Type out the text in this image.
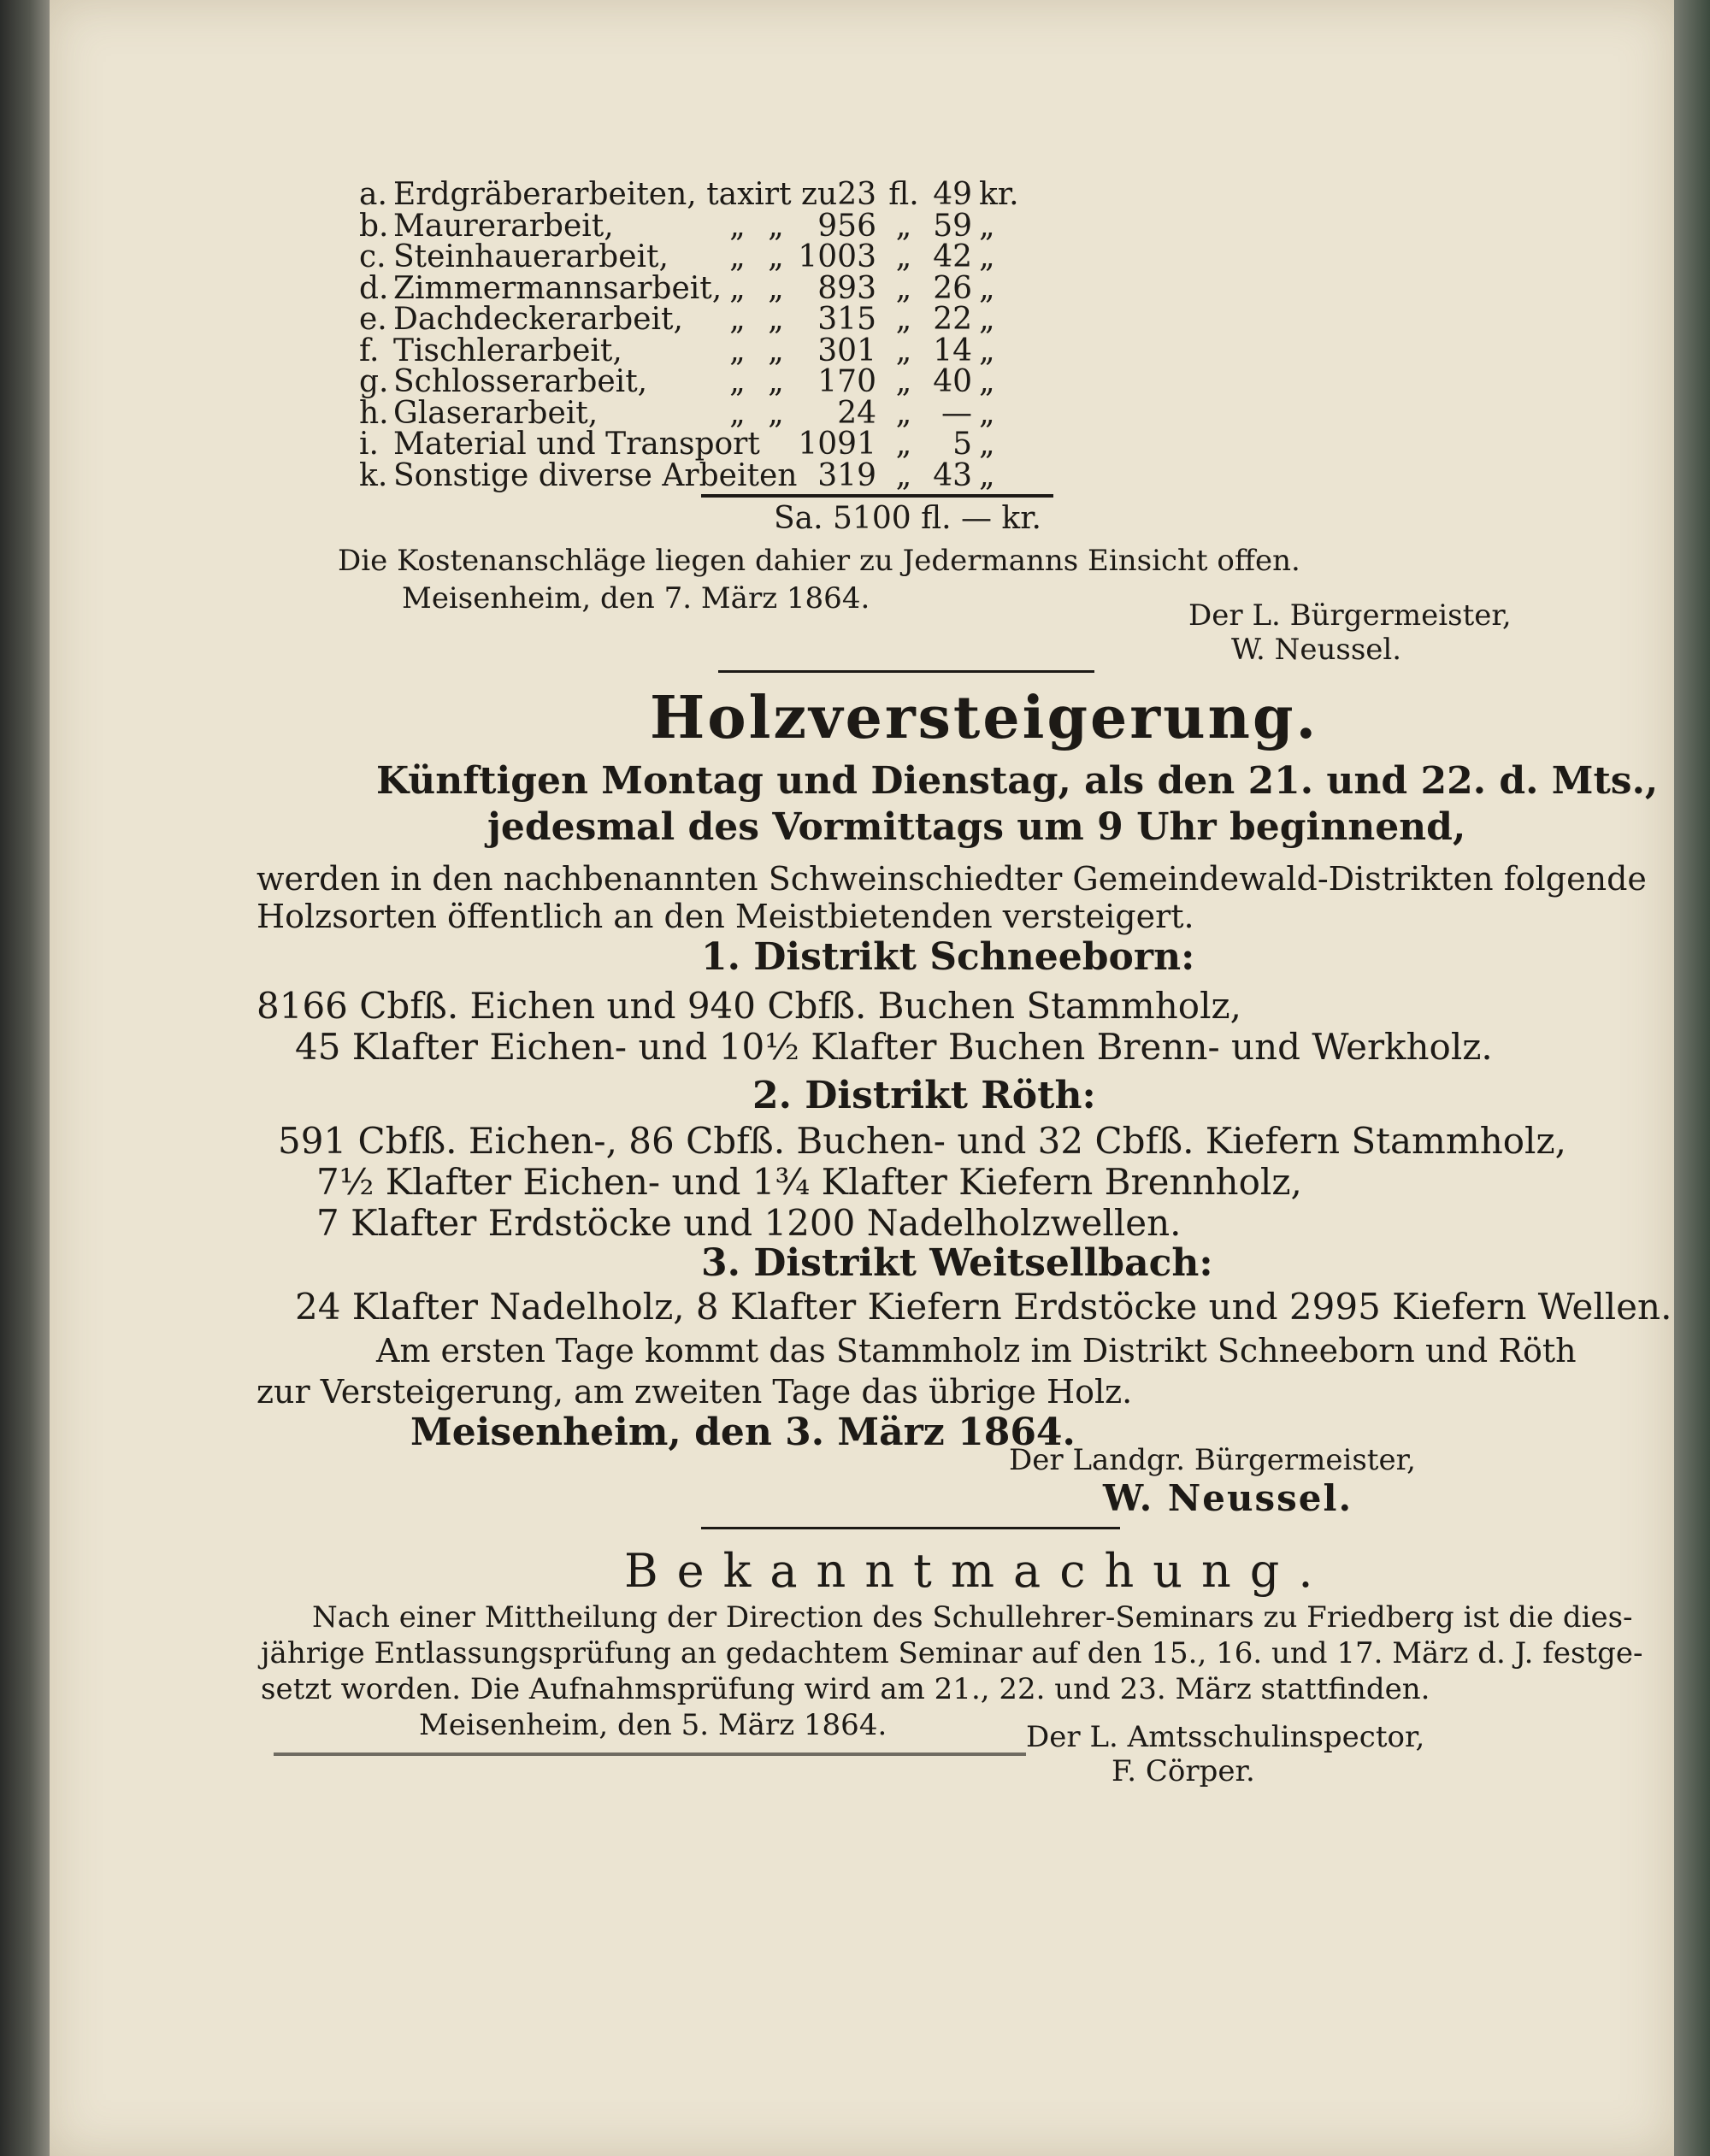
a. Erdgräberarbeiten, taxirt zu 23 fl. 49 kr.
b. Maurerarbeit,	„ „	956 „ 59 „
c. Steinhauerarbeit,	„ „ 1003 „ 42 „
d. Zimmermannsarbeit, „ „	893 „ 26 „
e. Dachdeckerarbeit,	„ „	315 „ 22 „
f. Tischlerarbeit,	„ „	301 „ 14 „
g. Schlosserarbeit,	„ „	170 „ 40 „
h. Glaserarbeit,	„ „	24 „ — „
i. Material und Transport 1091 „	5 „
k. Sonstige diverse Arbeiten 319 „ 43 „
Sa. 5100 fl. — kr.
Die Kostenanschläge liegen dahier zu Jedermanns Einsicht offen.
Meisenheim, den 7. März 1864.	Der L. Bürgermeister,
W. Neussel.
Holzversteigerung.
Künftigen Montag und Dienstag, als den 21. und 22. d. Mts.,
jedesmal des Vormittags um 9 Uhr beginnend,
werden in den nachbenannten Schweinschiedter Gemeindewald-Distrikten folgende
Holzsorten öffentlich an den Meistbietenden versteigert.
1. Distrikt Schneeborn:
8166 Cbfß. Eichen und 940 Cbfß. Buchen Stammholz,
45 Klafter Eichen- und 10½ Klafter Buchen Brenn- und Werkholz.
2. Distrikt Röth:
591 Cbfß. Eichen-, 86 Cbfß. Buchen- und 32 Cbfß. Kiefern Stammholz,
7½ Klafter Eichen- und 1¾ Klafter Kiefern Brennholz,
7 Klafter Erdstöcke und 1200 Nadelholzwellen.
3. Distrikt Weitsellbach:
24 Klafter Nadelholz, 8 Klafter Kiefern Erdstöcke und 2995 Kiefern Wellen.
Am ersten Tage kommt das Stammholz im Distrikt Schneeborn und Röth
zur Versteigerung, am zweiten Tage das übrige Holz.
Meisenheim, den 3. März 1864.
Der Landgr. Bürgermeister,
W. Neussel.
Bekanntmachung.
Nach einer Mittheilung der Direction des Schullehrer-Seminars zu Friedberg ist die dies-
jährige Entlassungsprüfung an gedachtem Seminar auf den 15., 16. und 17. März d. J. festge-
setzt worden. Die Aufnahmsprüfung wird am 21., 22. und 23. März stattfinden.
Meisenheim, den 5. März 1864.	Der L. Amtsschulinspector,
F. Cörper.
